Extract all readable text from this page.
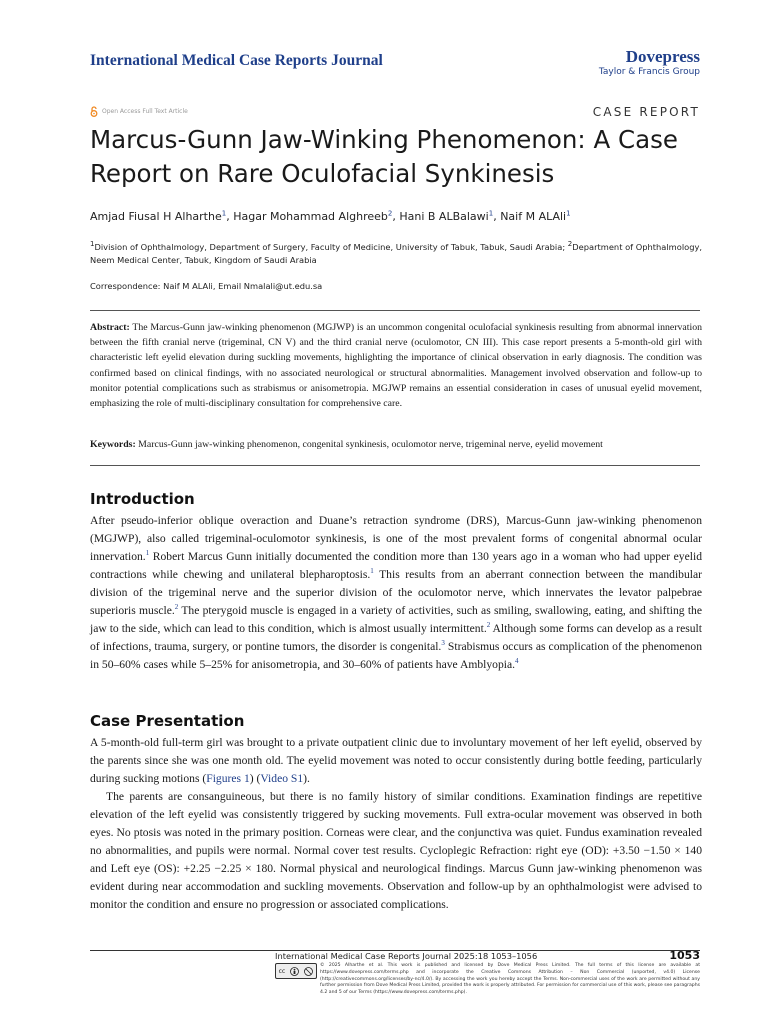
International Medical Case Reports Journal	Dovepress
Taylor & Francis Group
Open Access Full Text Article	CASE REPORT
Marcus-Gunn Jaw-Winking Phenomenon: A Case Report on Rare Oculofacial Synkinesis
Amjad Fiusal H Alharthe$^1$, Hagar Mohammad Alghreeb$^2$, Hani B ALBalawi$^1$, Naif M ALAli$^1$
$^1$Division of Ophthalmology, Department of Surgery, Faculty of Medicine, University of Tabuk, Tabuk, Saudi Arabia; $^2$Department of Ophthalmology, Neem Medical Center, Tabuk, Kingdom of Saudi Arabia
Correspondence: Naif M ALAli, Email Nmalali@ut.edu.sa
Abstract: The Marcus-Gunn jaw-winking phenomenon (MGJWP) is an uncommon congenital oculofacial synkinesis resulting from abnormal innervation between the fifth cranial nerve (trigeminal, CN V) and the third cranial nerve (oculomotor, CN III). This case report presents a 5-month-old girl with characteristic left eyelid elevation during suckling movements, highlighting the importance of clinical observation in early diagnosis. The condition was confirmed based on clinical findings, with no associated neurological or structural abnormalities. Management involved observation and follow-up to monitor potential complications such as strabismus or anisometropia. MGJWP remains an essential consideration in cases of unusual eyelid movement, emphasizing the role of multi-disciplinary consultation for comprehensive care.
Keywords: Marcus-Gunn jaw-winking phenomenon, congenital synkinesis, oculomotor nerve, trigeminal nerve, eyelid movement
Introduction

After pseudo-inferior oblique overaction and Duane’s retraction syndrome (DRS), Marcus-Gunn jaw-winking phenomenon (MGJWP), also called trigeminal-oculomotor synkinesis, is one of the most prevalent forms of congenital abnormal ocular innervation.$^1$ Robert Marcus Gunn initially documented the condition more than 130 years ago in a woman who had upper eyelid contractions while chewing and unilateral blepharoptosis.$^1$ This results from an aberrant connection between the mandibular division of the trigeminal nerve and the superior division of the oculomotor nerve, which innervates the levator palpebrae superioris muscle.$^2$ The pterygoid muscle is engaged in a variety of activities, such as smiling, swallowing, eating, and shifting the jaw to the side, which can lead to this condition, which is almost usually intermittent.$^2$ Although some forms can develop as a result of infections, trauma, surgery, or pontine tumors, the disorder is congenital.$^3$ Strabismus occurs as complication of the phenomenon in 50–60% cases while 5–25% for anisometropia, and 30–60% of patients have Amblyopia.$^4$

Case Presentation

A 5-month-old full-term girl was brought to a private outpatient clinic due to involuntary movement of her left eyelid, observed by the parents since she was one month old. The eyelid movement was noted to occur consistently during bottle feeding, particularly during sucking motions (Figures 1) (Video S1).

The parents are consanguineous, but there is no family history of similar conditions. Examination findings are repetitive elevation of the left eyelid was consistently triggered by sucking movements. Full extra-ocular movement was observed in both eyes. No ptosis was noted in the primary position. Corneas were clear, and the conjunctiva was quiet. Fundus examination revealed no abnormalities, and pupils were normal. Normal cover test results. Cycloplegic Refraction: right eye (OD): +3.50 −1.50 × 140 and Left eye (OS): +2.25 −2.25 × 180. Normal physical and neurological findings. Marcus Gunn jaw-winking phenomenon was evident during near accommodation and suckling movements. Observation and follow-up by an ophthalmologist were advised to monitor the condition and ensure no progression or associated complications.

International Medical Case Reports Journal 2025:18 1053–1056	1053
cc
© 2025 Alharthe et al. This work is published and licensed by Dove Medical Press Limited. The full terms of this license are available at https://www.dovepress.com/terms.php and incorporate the Creative Commons Attribution – Non Commercial (unported, v4.0) License (http://creativecommons.org/licenses/by-nc/4.0/). By accessing the work you hereby accept the Terms. Non-commercial uses of the work are permitted without any further permission from Dove Medical Press Limited, provided the work is properly attributed. For permission for commercial use of this work, please see paragraphs 4.2 and 5 of our Terms (https://www.dovepress.com/terms.php).
